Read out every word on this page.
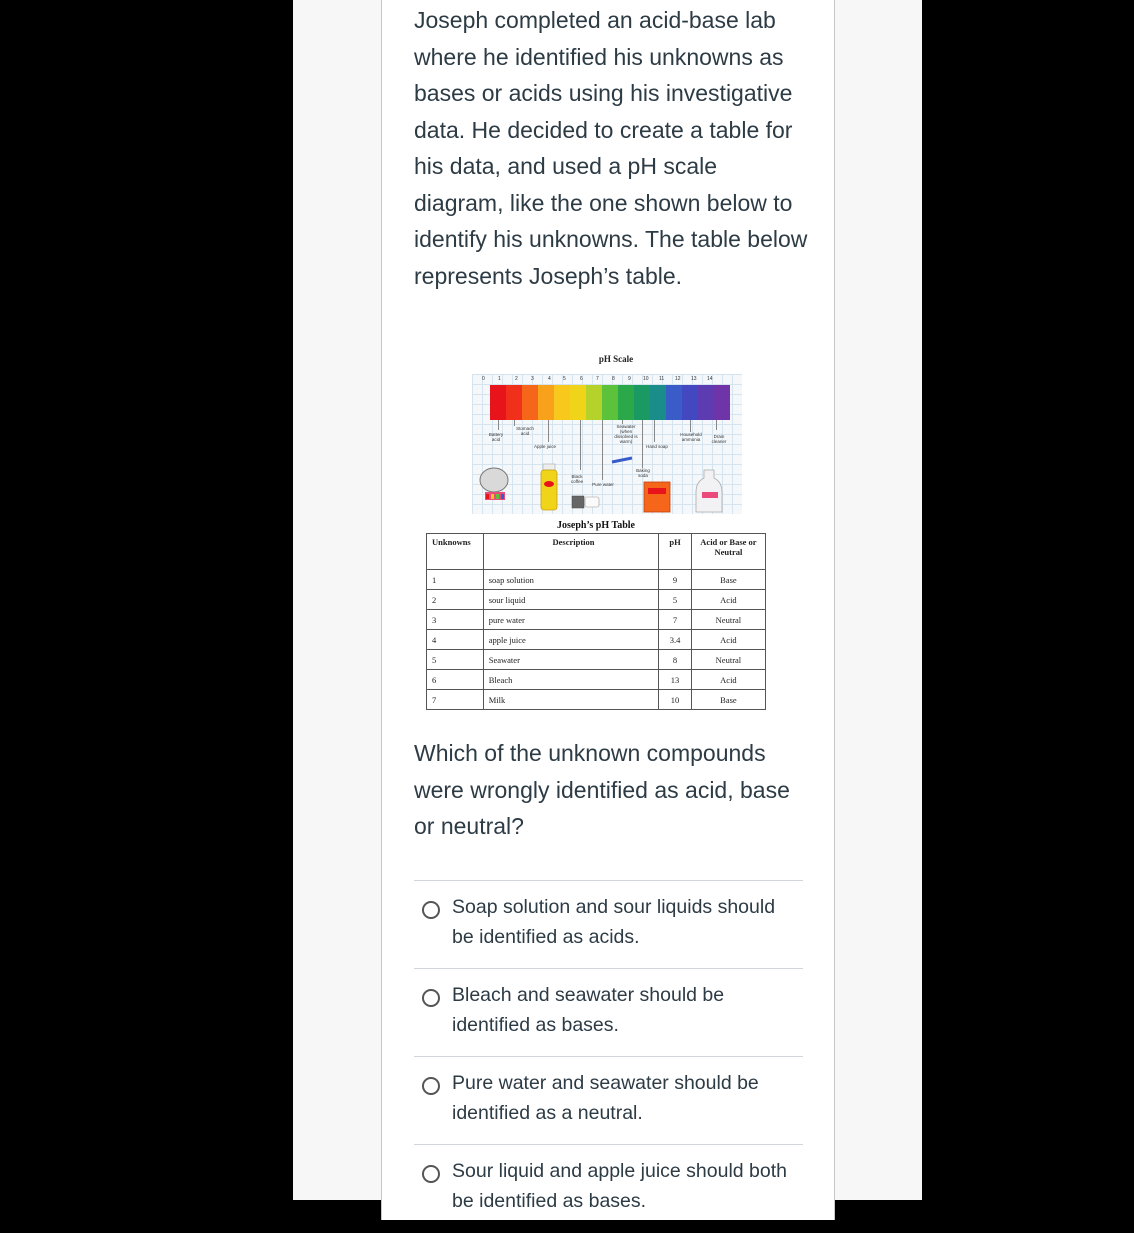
Joseph completed an acid-base lab where he identified his unknowns as bases or acids using his investigative data. He decided to create a table for his data, and used a pH scale diagram, like the one shown below to identify his unknowns. The table below represents Joseph’s table.

pH Scale
0	1	2	3	4 5	6	7	8	9 10 11 12 13 14
Battery acid
Stomach acid
Apple juice
Black coffee
Pure water
Seawater (when dissolved is warm)
Baking soda
Hand soap
Household ammonia
Drain cleaner
Joseph’s pH Table
Unknowns	Description	pH	Acid or Base or Neutral
1	soap solution	9	Base
2	sour liquid	5	Acid
3	pure water	7	Neutral
4	apple juice	3.4	Acid
5	Seawater	8	Neutral
6	Bleach	13	Acid
7	Milk	10	Base

Which of the unknown compounds were wrongly identified as acid, base or neutral?

Soap solution and sour liquids should be identified as acids.
Bleach and seawater should be identified as bases.
Pure water and seawater should be identified as a neutral.
Sour liquid and apple juice should both be identified as bases.
